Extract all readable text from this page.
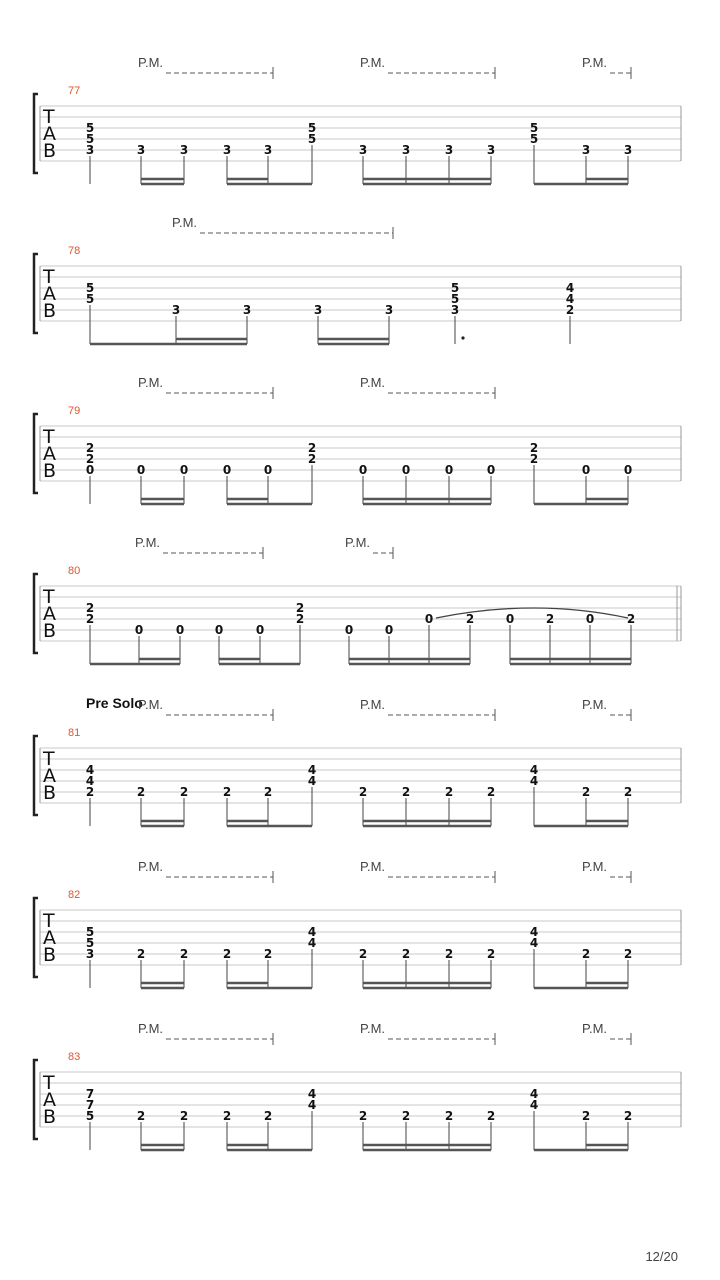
77
P.M.	P.M.	P.M.
T
A
B
5
5
3	3	3	3	3
5
5
3	3	3	3
5
5
3	3
78
P.M.
T
A
B
5
5
3	3	3	3
5
5
3
4
4
2
79
P.M.	P.M.
T
A
B
2
2
0	0	0	0	0
2
2
0	0	0	0
2
2
0	0
80
P.M.	P.M.
T
A
B
2
2
0	0	0	0
2
2
0	0
0	2	0	2	0	2
81
Pre Solo
P.M.	P.M.	P.M.
T
A
B
4
4
2	2	2	2	2
4
4
2	2	2	2
4
4
2	2
82
P.M.	P.M.	P.M.
T
A
B
5
5
3	2	2	2	2
4
4
2	2	2	2
4
4
2	2
83
P.M.	P.M.	P.M.
T
A
B
7
7
5	2	2	2	2
4
4
2	2	2	2
4
4
2	2
12/20
